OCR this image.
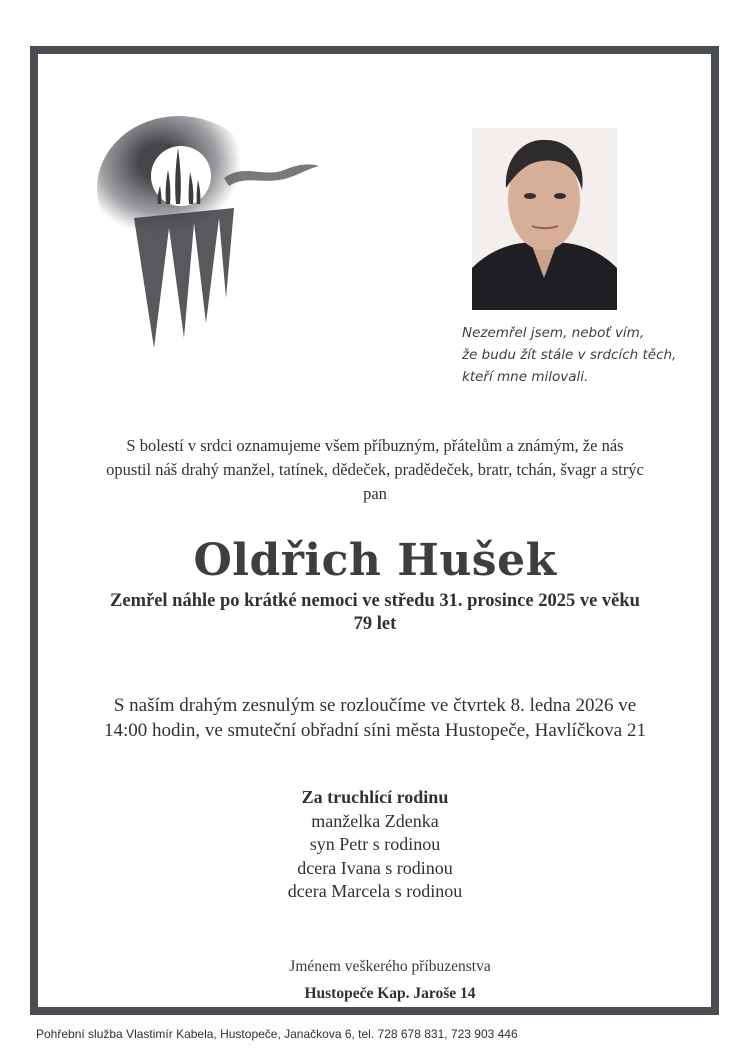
Nezemřel jsem, neboť vím,
že budu žít stále v srdcích těch,
kteří mne milovali.
S bolestí v srdci oznamujeme všem příbuzným, přátelům a známým, že nás
opustil náš drahý manžel, tatínek, dědeček, pradědeček, bratr, tchán, švagr a strýc
pan
Oldřich Hušek
Zemřel náhle po krátké nemoci ve středu 31. prosince 2025 ve věku
79 let
S naším drahým zesnulým se rozloučíme ve čtvrtek 8. ledna 2026 ve
14:00 hodin, ve smuteční obřadní síni města Hustopeče, Havlíčkova 21
Za truchlící rodinu
manželka Zdenka
syn Petr s rodinou
dcera Ivana s rodinou
dcera Marcela s rodinou
Jménem veškerého příbuzenstva
Hustopeče Kap. Jaroše 14
Pohřební služba Vlastimír Kabela, Hustopeče, Janačkova 6, tel. 728 678 831, 723 903 446
